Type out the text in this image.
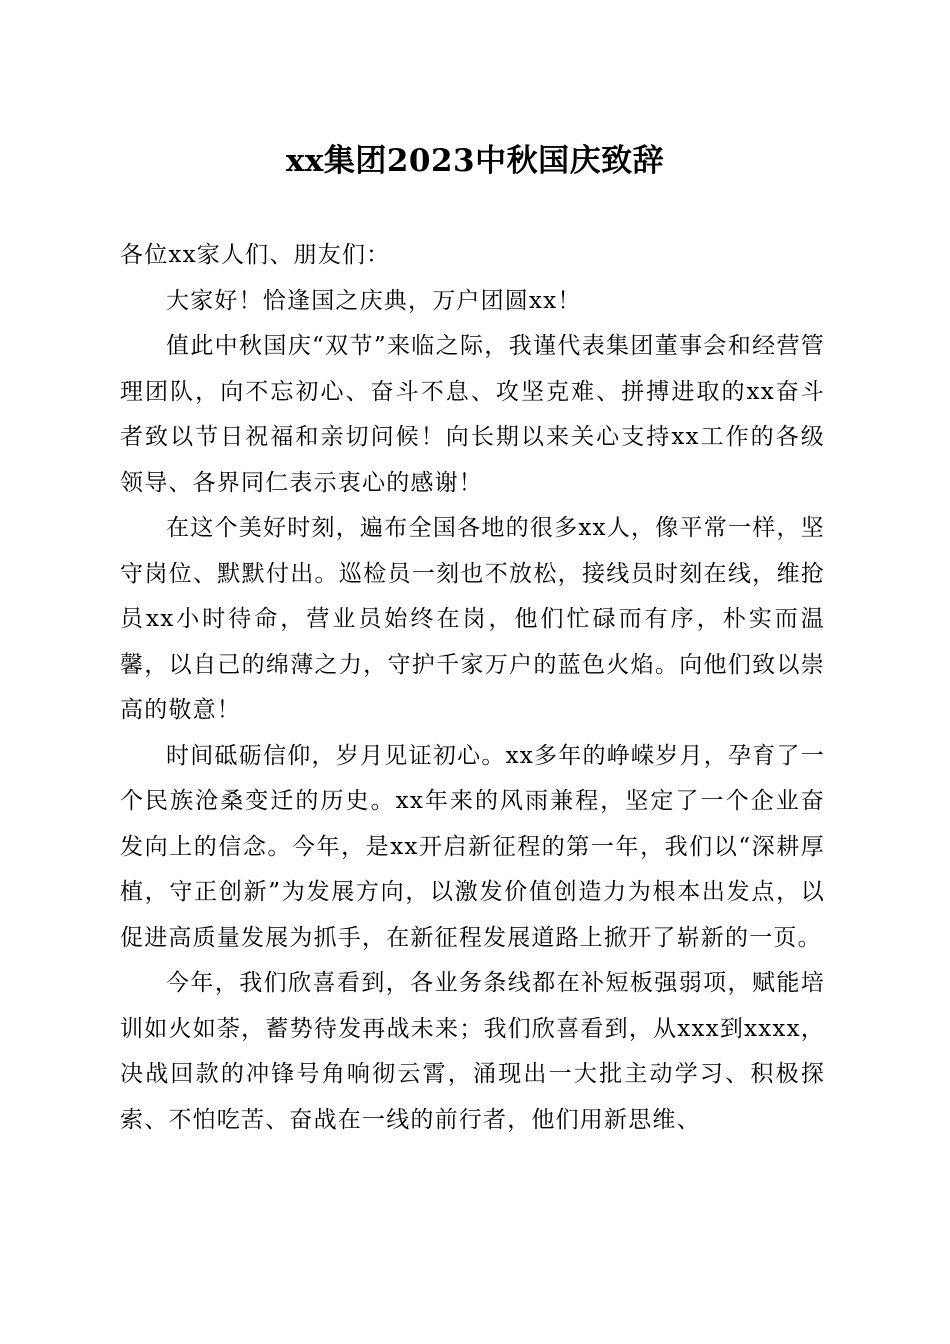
xx集团2023中秋国庆致辞

各位xx家人们、朋友们：

大家好！恰逢国之庆典，万户团圆xx！

值此中秋国庆“双节”来临之际，我谨代表集团董事会和经营管理团队，向不忘初心、奋斗不息、攻坚克难、拼搏进取的xx奋斗者致以节日祝福和亲切问候！向长期以来关心支持xx工作的各级领导、各界同仁表示衷心的感谢！

在这个美好时刻，遍布全国各地的很多xx人，像平常一样，坚守岗位、默默付出。巡检员一刻也不放松，接线员时刻在线，维抢员xx小时待命，营业员始终在岗，他们忙碌而有序，朴实而温馨，以自己的绵薄之力，守护千家万户的蓝色火焰。向他们致以崇高的敬意！

时间砥砺信仰，岁月见证初心。xx多年的峥嵘岁月，孕育了一个民族沧桑变迁的历史。xx年来的风雨兼程，坚定了一个企业奋发向上的信念。今年，是xx开启新征程的第一年，我们以“深耕厚植，守正创新”为发展方向，以激发价值创造力为根本出发点，以促进高质量发展为抓手，在新征程发展道路上掀开了崭新的一页。

今年，我们欣喜看到，各业务条线都在补短板强弱项，赋能培训如火如荼，蓄势待发再战未来；我们欣喜看到，从xxx到xxxx，决战回款的冲锋号角响彻云霄，涌现出一大批主动学习、积极探索、不怕吃苦、奋战在一线的前行者，他们用新思维、
